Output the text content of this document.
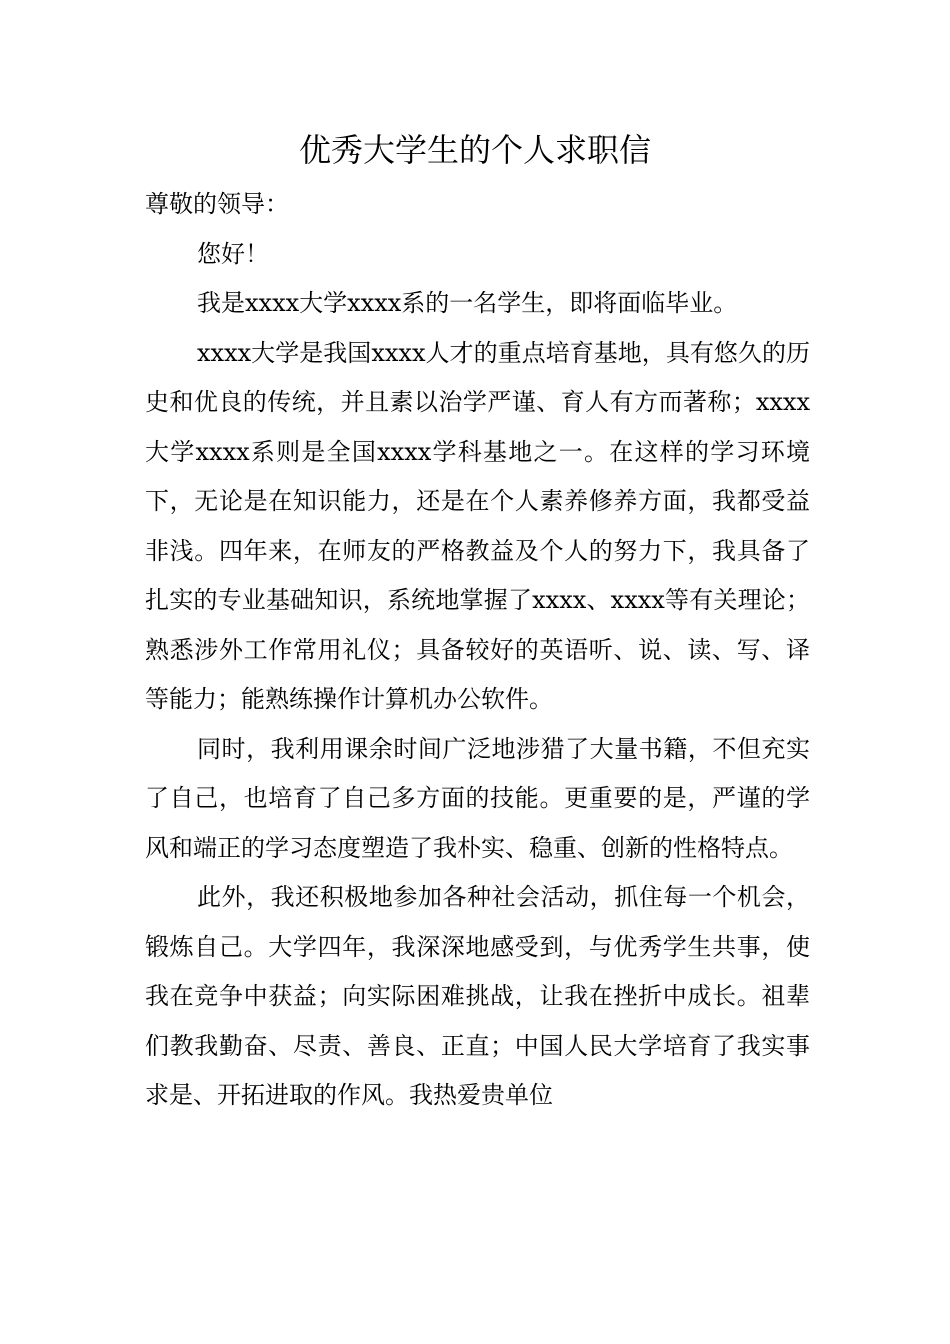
优秀大学生的个人求职信

尊敬的领导：

您好！

我是xxxx大学xxxx系的一名学生，即将面临毕业。

xxxx大学是我国xxxx人才的重点培育基地，具有悠久的历史和优良的传统，并且素以治学严谨、育人有方而著称；xxxx大学xxxx系则是全国xxxx学科基地之一。在这样的学习环境下，无论是在知识能力，还是在个人素养修养方面，我都受益非浅。四年来，在师友的严格教益及个人的努力下，我具备了扎实的专业基础知识，系统地掌握了xxxx、xxxx等有关理论；熟悉涉外工作常用礼仪；具备较好的英语听、说、读、写、译等能力；能熟练操作计算机办公软件。

同时，我利用课余时间广泛地涉猎了大量书籍，不但充实了自己，也培育了自己多方面的技能。更重要的是，严谨的学风和端正的学习态度塑造了我朴实、稳重、创新的性格特点。

此外，我还积极地参加各种社会活动，抓住每一个机会，锻炼自己。大学四年，我深深地感受到，与优秀学生共事，使我在竞争中获益；向实际困难挑战，让我在挫折中成长。祖辈们教我勤奋、尽责、善良、正直；中国人民大学培育了我实事求是、开拓进取的作风。我热爱贵单位
